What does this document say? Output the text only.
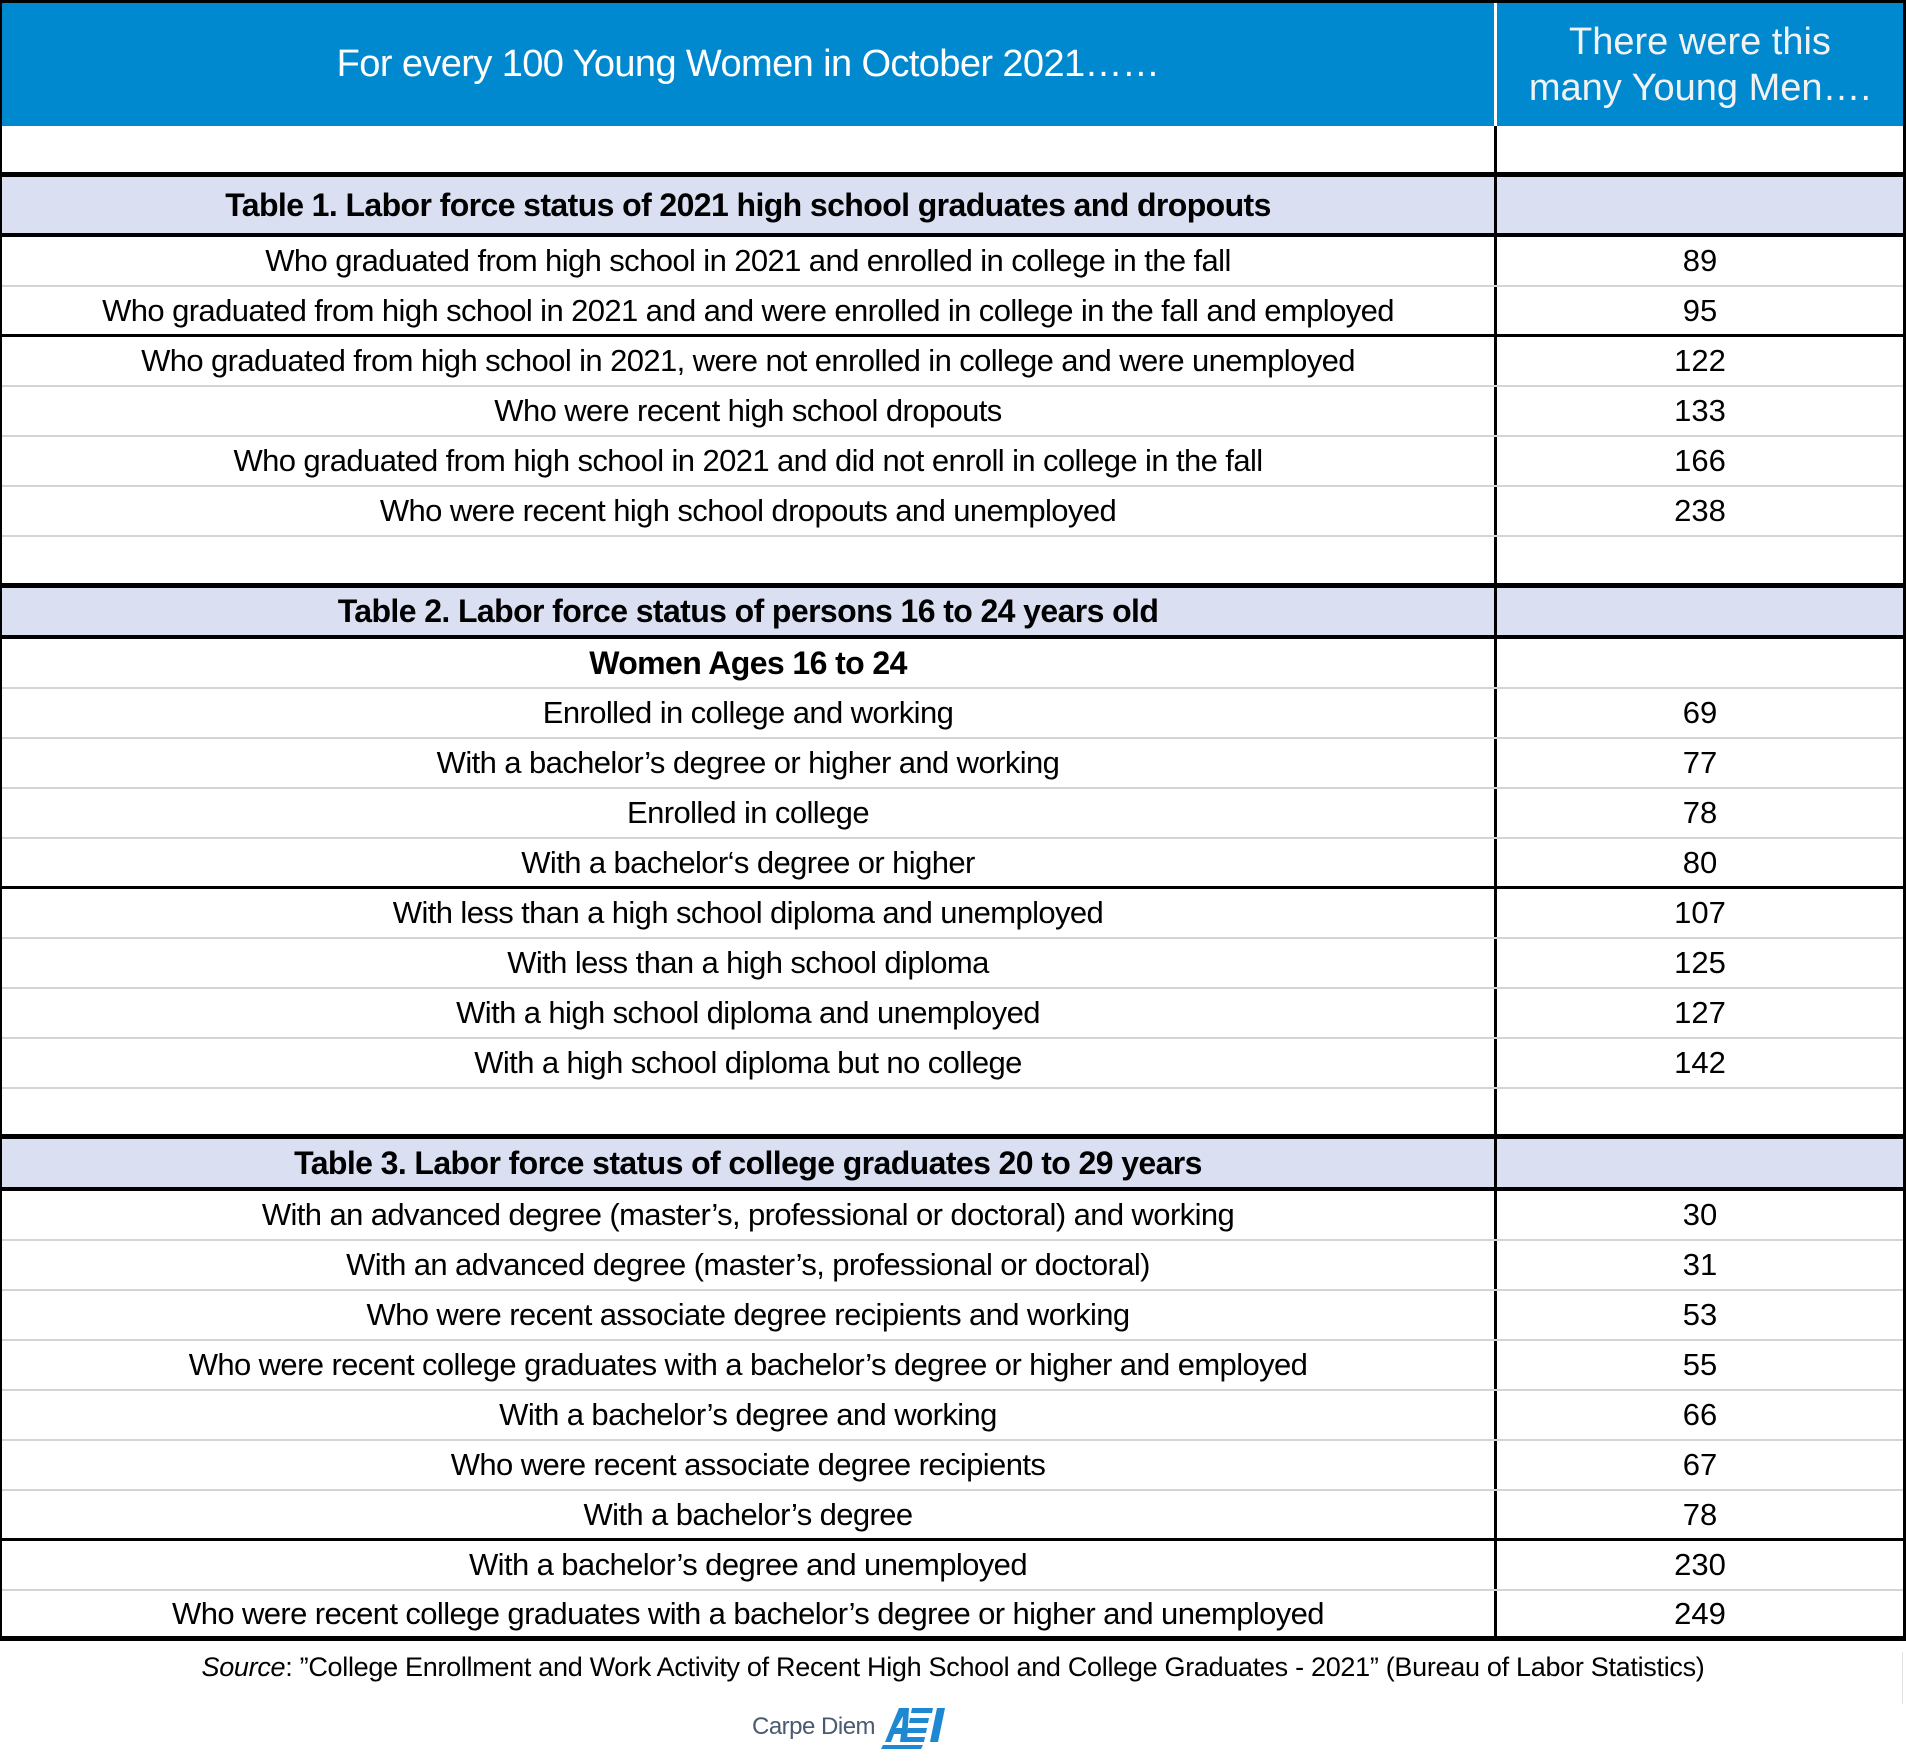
For every 100 Young Women in October 2021……
There were this
many Young Men….
Table 1. Labor force status of 2021 high school graduates and dropouts
Who graduated from high school in 2021 and enrolled in college in the fall	89
Who graduated from high school in 2021 and and were enrolled in college in the fall and employed	95
Who graduated from high school in 2021, were not enrolled in college and were unemployed	122
Who were recent high school dropouts	133
Who graduated from high school in 2021 and did not enroll in college in the fall	166
Who were recent high school dropouts and unemployed	238
Table 2. Labor force status of persons 16 to 24 years old
Women Ages 16 to 24
Enrolled in college and working	69
With a bachelor’s degree or higher and working	77
Enrolled in college	78
With a bachelor‘s degree or higher	80
With less than a high school diploma and unemployed	107
With less than a high school diploma	125
With a high school diploma and unemployed	127
With a high school diploma but no college	142
Table 3. Labor force status of college graduates 20 to 29 years
With an advanced degree (master’s, professional or doctoral) and working	30
With an advanced degree (master’s, professional or doctoral)	31
Who were recent associate degree recipients and working	53
Who were recent college graduates with a bachelor’s degree or higher and employed	55
With a bachelor’s degree and working	66
Who were recent associate degree recipients	67
With a bachelor’s degree	78
With a bachelor’s degree and unemployed	230
Who were recent college graduates with a bachelor’s degree or higher and unemployed	249
Source: ”College Enrollment and Work Activity of Recent High School and College Graduates - 2021” (Bureau of Labor Statistics)
Carpe Diem
